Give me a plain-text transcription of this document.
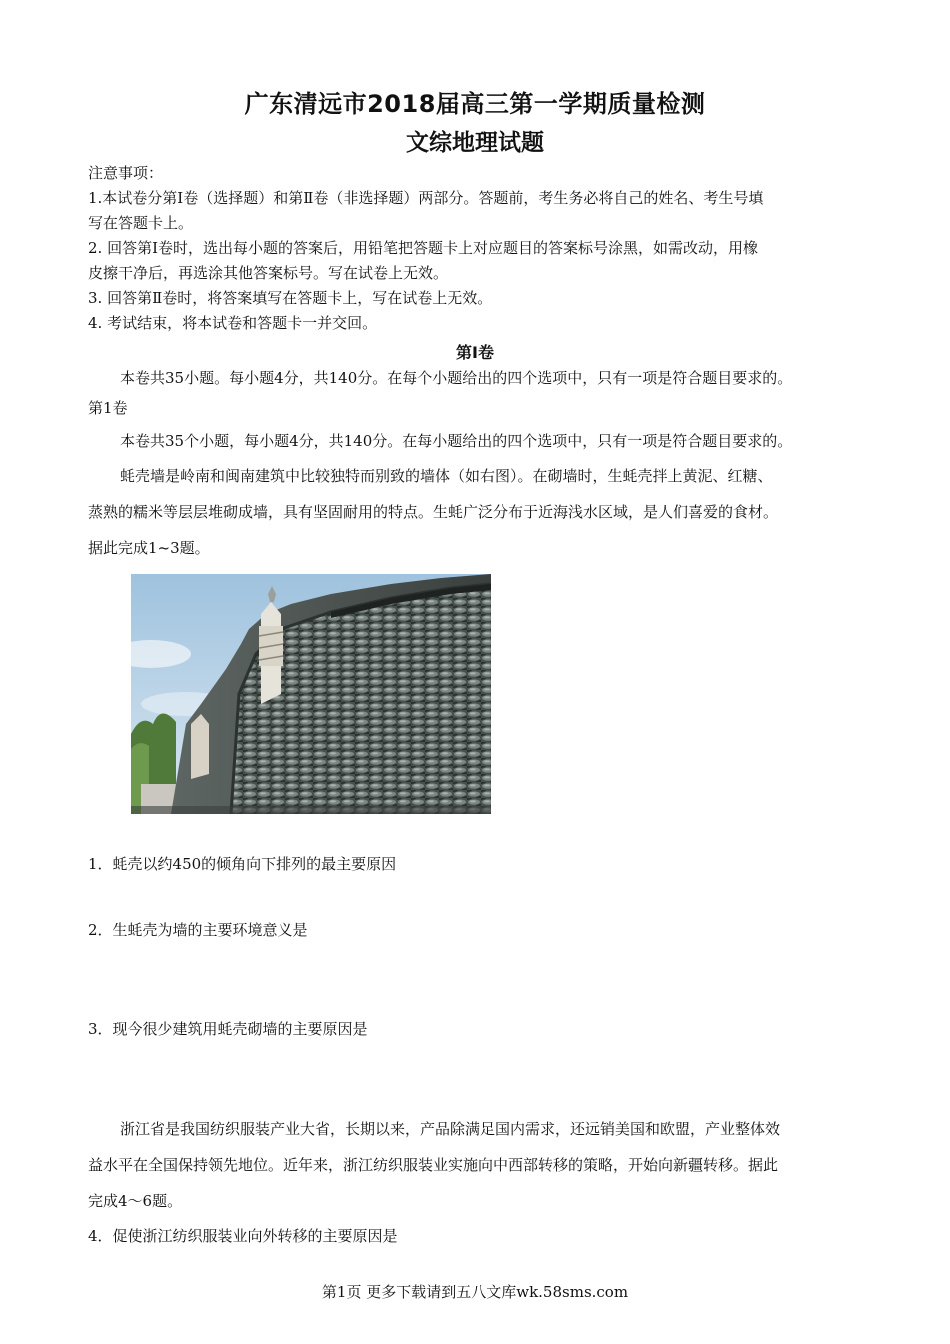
广东清远市2018届高三第一学期质量检测
文综地理试题
注意事项：
1.本试卷分第Ⅰ卷（选择题）和第Ⅱ卷（非选择题）两部分。答题前，考生务必将自己的姓名、考生号填
写在答题卡上。
2. 回答第Ⅰ卷时，选出每小题的答案后，用铅笔把答题卡上对应题目的答案标号涂黑，如需改动，用橡
皮擦干净后，再选涂其他答案标号。写在试卷上无效。
3. 回答第Ⅱ卷时，将答案填写在答题卡上，写在试卷上无效。
4. 考试结束，将本试卷和答题卡一并交回。
第Ⅰ卷
本卷共35小题。每小题4分，共140分。在每个小题给出的四个选项中，只有一项是符合题目要求的。
第1卷
本卷共35个小题，每小题4分，共140分。在每小题给出的四个选项中，只有一项是符合题目要求的。
蚝壳墙是岭南和闽南建筑中比较独特而别致的墙体（如右图）。在砌墙时，生蚝壳拌上黄泥、红糖、
蒸熟的糯米等层层堆砌成墙，具有坚固耐用的特点。生蚝广泛分布于近海浅水区域，是人们喜爱的食材。
据此完成1~3题。
1．蚝壳以约450的倾角向下排列的最主要原因
2．生蚝壳为墙的主要环境意义是
3．现今很少建筑用蚝壳砌墙的主要原因是
浙江省是我国纺织服装产业大省，长期以来，产品除满足国内需求，还远销美国和欧盟，产业整体效
益水平在全国保持领先地位。近年来，浙江纺织服装业实施向中西部转移的策略，开始向新疆转移。据此
完成4～6题。
4．促使浙江纺织服装业向外转移的主要原因是
第1页 更多下载请到五八文库wk.58sms.com
